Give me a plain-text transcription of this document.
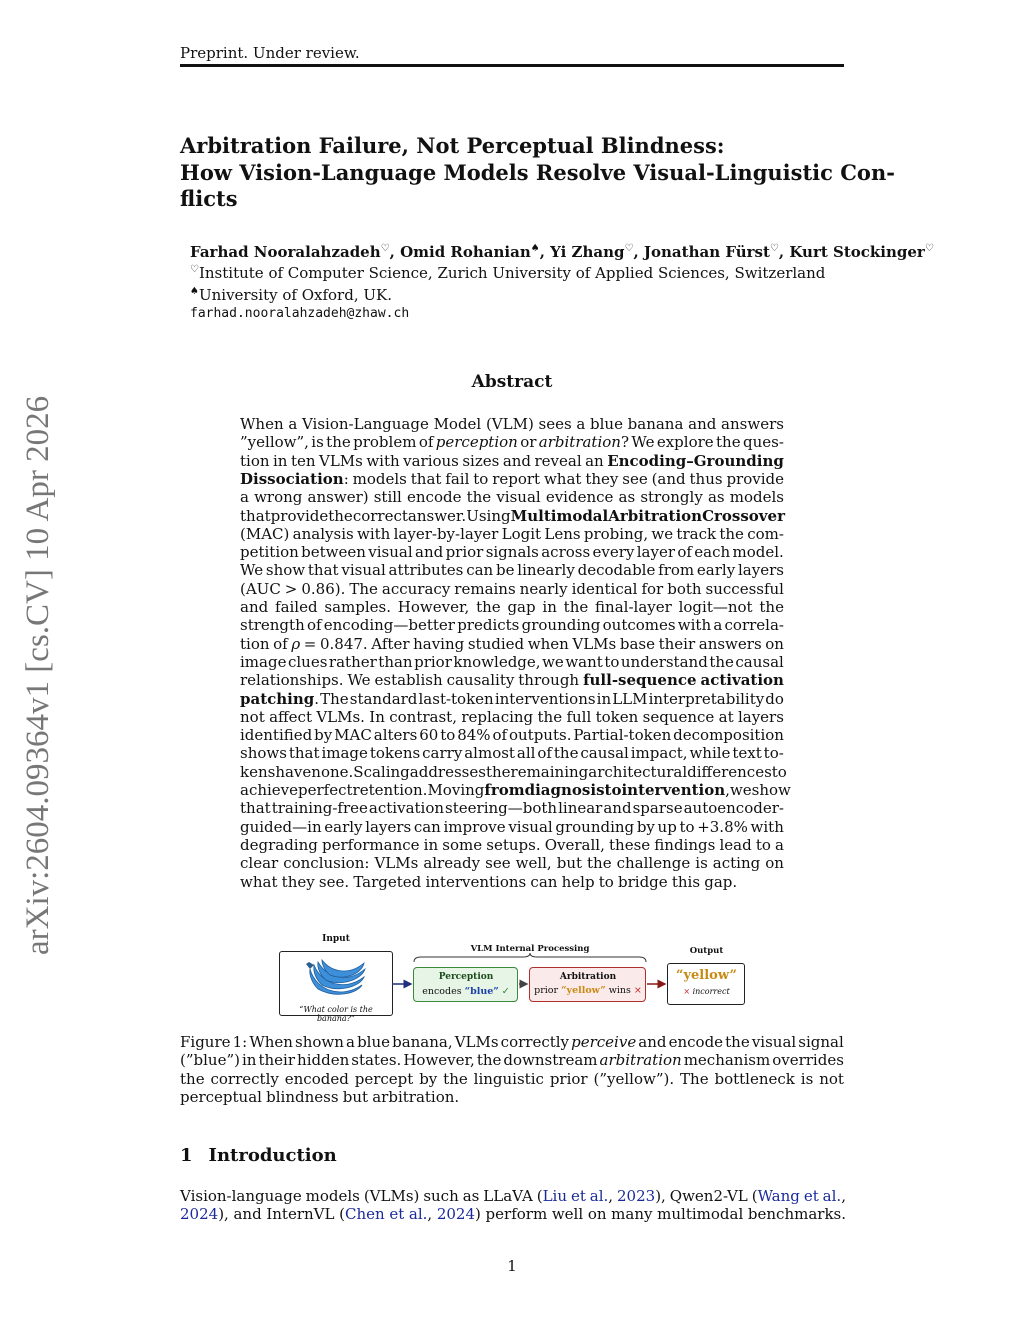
Preprint. Under review.
Arbitration Failure, Not Perceptual Blindness:
How Vision-Language Models Resolve Visual-Linguistic Con-
flicts
Farhad Nooralahzadeh♡, Omid Rohanian♠, Yi Zhang♡, Jonathan Fürst♡, Kurt Stockinger♡
♡Institute of Computer Science, Zurich University of Applied Sciences, Switzerland
♠University of Oxford, UK.
farhad.nooralahzadeh@zhaw.ch
arXiv:2604.09364v1 [cs.CV] 10 Apr 2026
Abstract
When a Vision-Language Model (VLM) sees a blue banana and answers
”yellow”, is the problem of perception or arbitration? We explore the ques-
tion in ten VLMs with various sizes and reveal an Encoding–Grounding
Dissociation: models that fail to report what they see (and thus provide
a wrong answer) still encode the visual evidence as strongly as models
that provide the correct answer. Using Multimodal Arbitration Crossover
(MAC) analysis with layer-by-layer Logit Lens probing, we track the com-
petition between visual and prior signals across every layer of each model.
We show that visual attributes can be linearly decodable from early layers
(AUC > 0.86). The accuracy remains nearly identical for both successful
and failed samples. However, the gap in the final-layer logit—not the
strength of encoding—better predicts grounding outcomes with a correla-
tion of ρ = 0.847. After having studied when VLMs base their answers on
image clues rather than prior knowledge, we want to understand the causal
relationships. We establish causality through full-sequence activation
patching. The standard last-token interventions in LLM interpretability do
not affect VLMs. In contrast, replacing the full token sequence at layers
identified by MAC alters 60 to 84% of outputs. Partial-token decomposition
shows that image tokens carry almost all of the causal impact, while text to-
kens have none. Scaling addresses the remaining architectural differences to
achieve perfect retention. Moving from diagnosis to intervention, we show
that training-free activation steering—both linear and sparse autoencoder-
guided—in early layers can improve visual grounding by up to +3.8% with
degrading performance in some setups. Overall, these findings lead to a
clear conclusion: VLMs already see well, but the challenge is acting on
what they see. Targeted interventions can help to bridge this gap.
Input
“What color is the banana?”
VLM Internal Processing
Perception
encodes “blue” ✓
Arbitration
prior “yellow” wins ×
Output
“yellow”
× incorrect
Figure 1: When shown a blue banana, VLMs correctly perceive and encode the visual signal
(”blue”) in their hidden states. However, the downstream arbitration mechanism overrides
the correctly encoded percept by the linguistic prior (”yellow”). The bottleneck is not
perceptual blindness but arbitration.
1 Introduction
Vision-language models (VLMs) such as LLaVA (Liu et al., 2023), Qwen2-VL (Wang et al.,
2024), and InternVL (Chen et al., 2024) perform well on many multimodal benchmarks.
1
